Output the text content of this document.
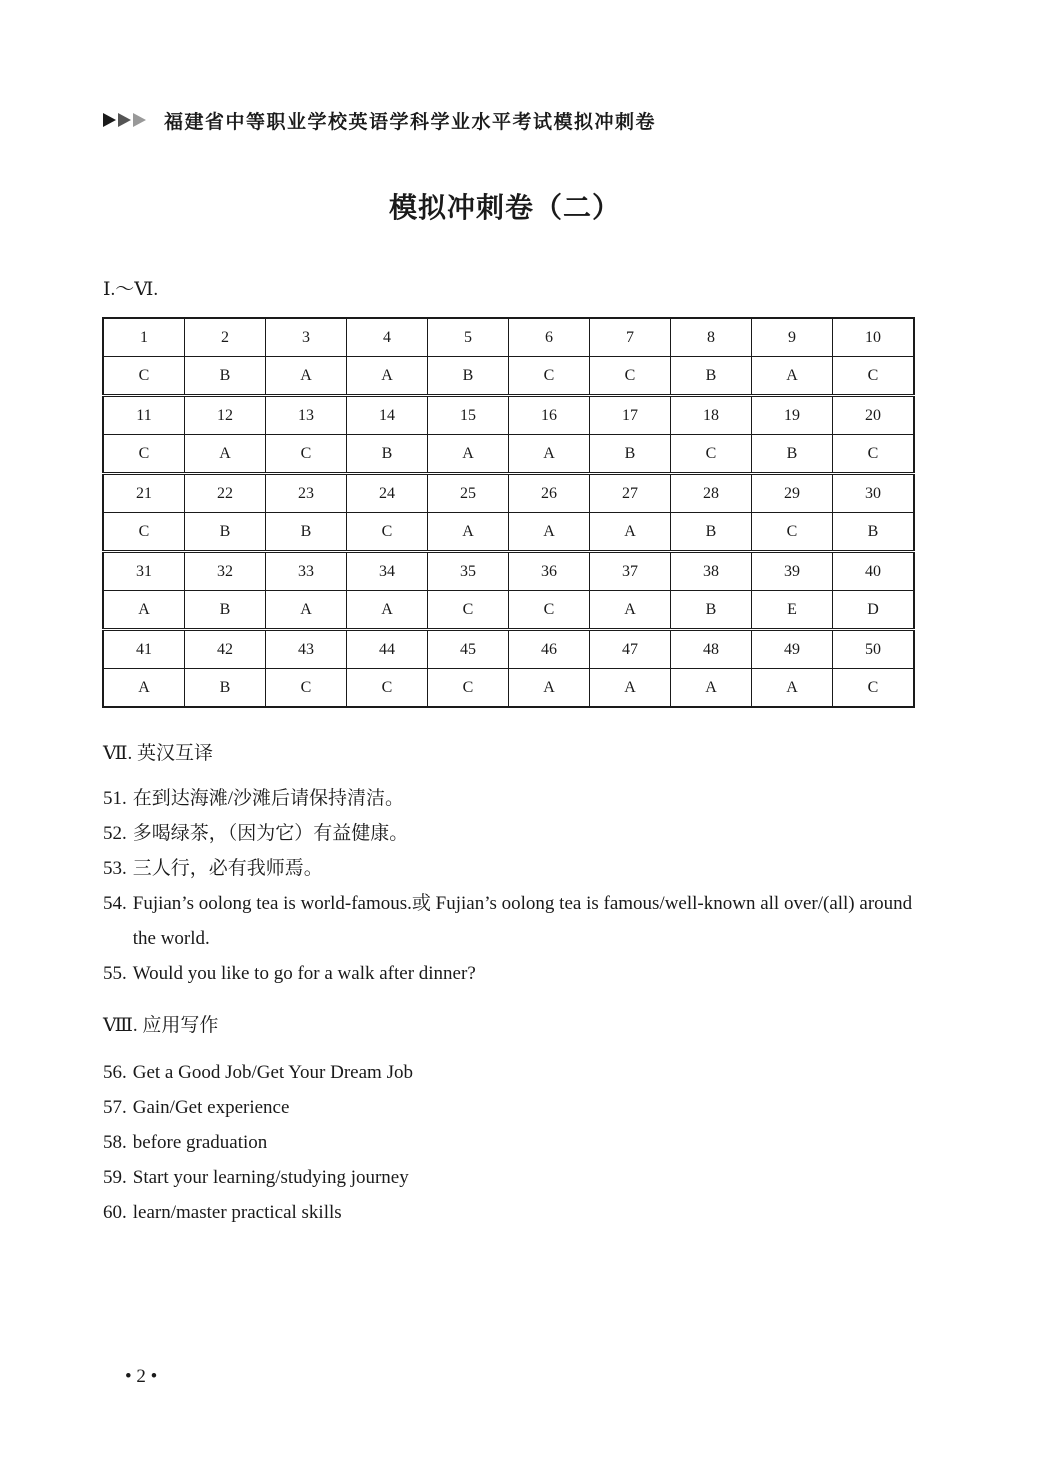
福建省中等职业学校英语学科学业水平考试模拟冲刺卷
模拟冲刺卷（二）
Ⅰ.～Ⅵ.
1	2	3	4	5	6	7	8	9	10
C	B	A	A	B	C	C	B	A	C
11	12	13	14	15	16	17	18	19	20
C	A	C	B	A	A	B	C	B	C
21	22	23	24	25	26	27	28	29	30
C	B	B	C	A	A	A	B	C	B
31	32	33	34	35	36	37	38	39	40
A	B	A	A	C	C	A	B	E	D
41	42	43	44	45	46	47	48	49	50
A	B	C	C	C	A	A	A	A	C
Ⅶ. 英汉互译
51. 在到达海滩/沙滩后请保持清洁。
52. 多喝绿茶，（因为它）有益健康。
53. 三人行，必有我师焉。
54. Fujian’s oolong tea is world-famous.或 Fujian’s oolong tea is famous/well-known all over/(all) around the world.
55. Would you like to go for a walk after dinner?
Ⅷ. 应用写作
56. Get a Good Job/Get Your Dream Job
57. Gain/Get experience
58. before graduation
59. Start your learning/studying journey
60. learn/master practical skills
• 2 •
